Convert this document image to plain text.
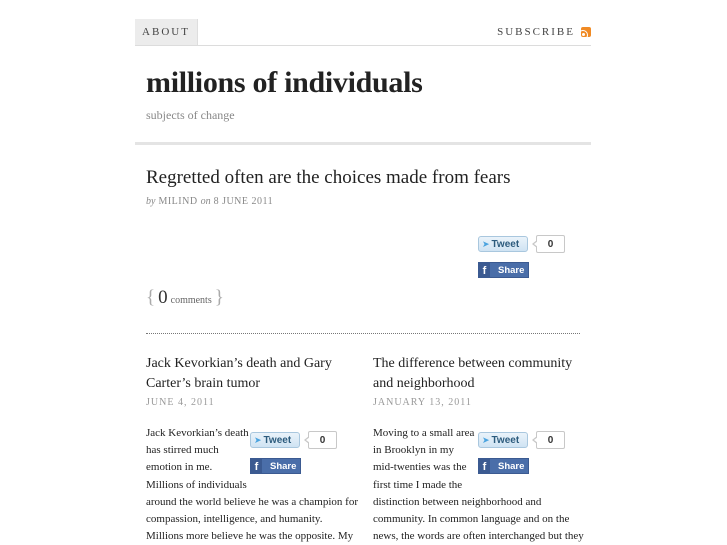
ABOUT	SUBSCRIBE
millions of individuals
subjects of change
Regretted often are the choices made from fears
by MILIND on 8 JUNE 2011
➤ Tweet	0
f	Share
{ 0 comments }
Jack Kevorkian’s death and Gary
Carter’s brain tumor
JUNE 4, 2011
➤ Tweet	0
f	Share
Jack Kevorkian’s death
has stirred much
emotion in me.
Millions of individuals
around the world believe he was a champion for
compassion, intelligence, and humanity.
Millions more believe he was the opposite. My
The difference between community
and neighborhood
JANUARY 13, 2011
➤ Tweet	0
f	Share
Moving to a small area
in Brooklyn in my
mid-twenties was the
first time I made the
distinction between neighborhood and
community. In common language and on the
news, the words are often interchanged but they
